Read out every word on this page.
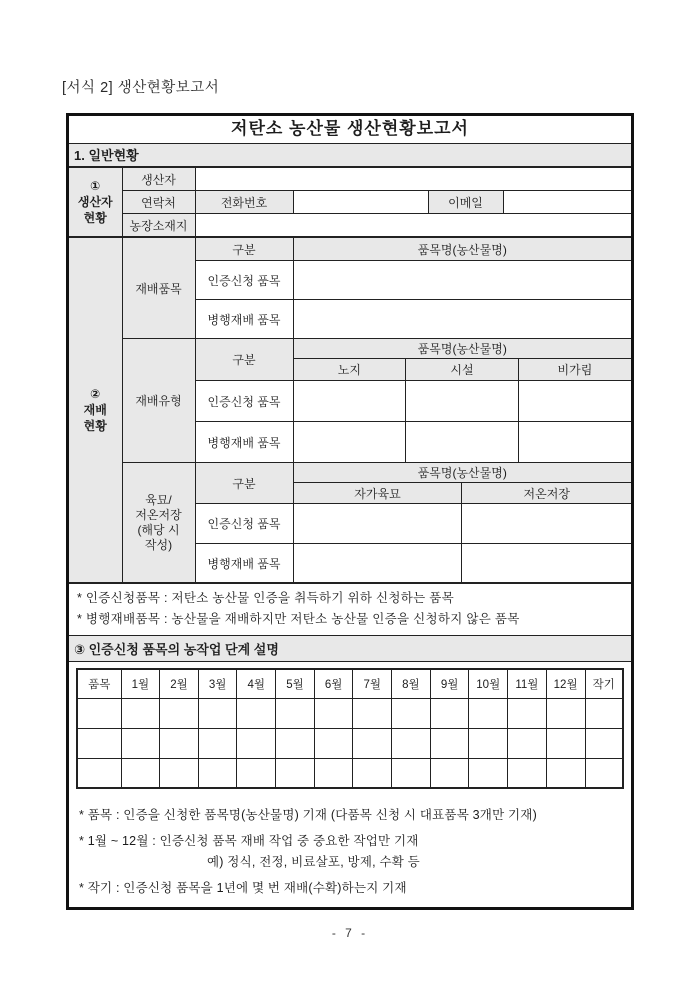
[서식 2] 생산현황보고서
저탄소 농산물 생산현황보고서
1. 일반현황
①
생산자
현황	생산자				
	연락처	전화번호		이메일	
	농장소재지				
②
재배
현황	재배품목	구분	품목명(농산물명)			
		인증신청 품목				
		병행재배 품목				
	재배유형	구분	품목명(농산물명)			
			노지	시설		비가림
		인증신청 품목				
		병행재배 품목				

	육묘/
저온저장
(해당 시
작성)	구분	품목명(농산물명)			
			자가육묘		저온저장	
		인증신청 품목				
		병행재배 품목				
* 인증신청품목 : 저탄소 농산물 인증을 취득하기 위하 신청하는 품목
* 병행재배품목 : 농산물을 재배하지만 저탄소 농산물 인증을 신청하지 않은 품목
③ 인증신청 품목의 농작업 단계 설명
품목	1월	2월	3월	4월	5월	6월	7월	8월	9월	10월	11월	12월	작기

* 품목 : 인증을 신청한 품목명(농산물명) 기재 (다품목 신청 시 대표품목 3개만 기재)
* 1월 ~ 12월 : 인증신청 품목 재배 작업 중 중요한 작업만 기재
예) 정식, 전정, 비료살포, 방제, 수확 등
* 작기 : 인증신청 품목을 1년에 몇 번 재배(수확)하는지 기재
- 7 -
